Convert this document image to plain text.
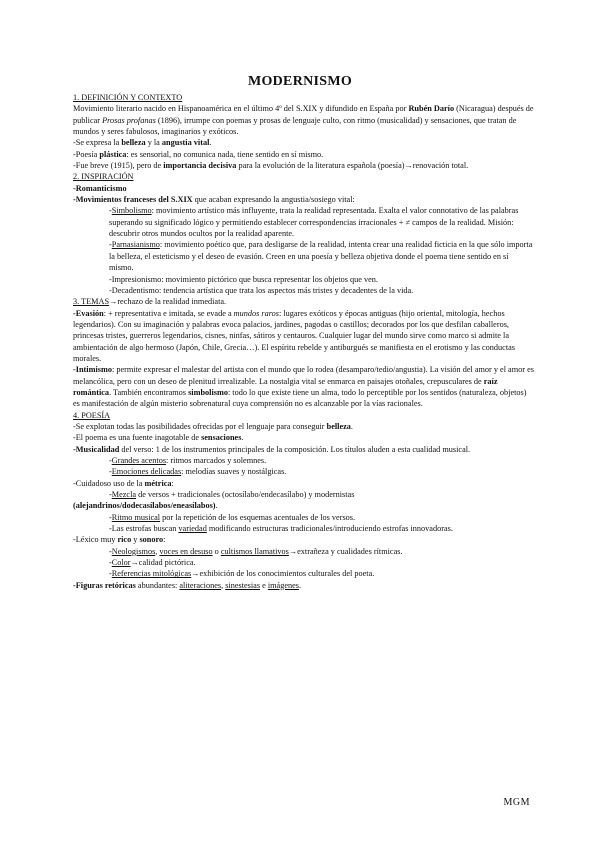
MODERNISMO

1. DEFINICIÓN Y CONTEXTO

Movimiento literario nacido en Hispanoamérica en el último 4º del S.XIX y difundido en España por Rubén Darío (Nicaragua) después de publicar Prosas profanas (1896), irrumpe con poemas y prosas de lenguaje culto, con ritmo (musicalidad) y sensaciones, que tratan de mundos y seres fabulosos, imaginarios y exóticos.

-Se expresa la belleza y la angustia vital.

-Poesía plástica: es sensorial, no comunica nada, tiene sentido en sí mismo.

-Fue breve (1915), pero de importancia decisiva para la evolución de la literatura española (poesía)→renovación total.

2. INSPIRACIÓN

-Romanticismo

-Movimientos franceses del S.XIX que acaban expresando la angustia/sosiego vital:

-Simbolismo: movimiento artístico más influyente, trata la realidad representada. Exalta el valor connotativo de las palabras superando su significado lógico y permitiendo establecer correspondencias irracionales + ≠ campos de la realidad. Misión: descubrir otros mundos ocultos por la realidad aparente.

-Parnasianismo: movimiento poético que, para desligarse de la realidad, intenta crear una realidad ficticia en la que sólo importa la belleza, el esteticismo y el deseo de evasión. Creen en una poesía y belleza objetiva donde el poema tiene sentido en sí mismo.

-Impresionismo: movimiento pictórico que busca representar los objetos que ven.

-Decadentismo: tendencia artística que trata los aspectos más tristes y decadentes de la vida.

3. TEMAS→rechazo de la realidad inmediata.

-Evasión: + representativa e imitada, se evade a mundos raros: lugares exóticos y épocas antiguas (hijo oriental, mitología, hechos legendarios). Con su imaginación y palabras evoca palacios, jardines, pagodas o castillos; decorados por los que desfilan caballeros, princesas tristes, guerreros legendarios, cisnes, ninfas, sátiros y centauros. Cualquier lugar del mundo sirve como marco si admite la ambientación de algo hermoso (Japón, Chile, Grecia…). El espíritu rebelde y antiburgués se manifiesta en el erotismo y las conductas morales.

-Intimismo: permite expresar el malestar del artista con el mundo que lo rodea (desamparo/tedio/angustia). La visión del amor y el amor es melancólica, pero con un deseo de plenitud irrealizable. La nostalgia vital se enmarca en paisajes otoñales, crepusculares de raíz romántica. También encontramos simbolismo: todo lo que existe tiene un alma, todo lo perceptible por los sentidos (naturaleza, objetos) es manifestación de algún misterio sobrenatural cuya comprensión no es alcanzable por la vías racionales.

4. POESÍA

-Se explotan todas las posibilidades ofrecidas por el lenguaje para conseguir belleza.

-El poema es una fuente inagotable de sensaciones.

-Musicalidad del verso: 1 de los instrumentos principales de la composición. Los títulos aluden a esta cualidad musical.

-Grandes acentos: ritmos marcados y solemnes.

-Emociones delicadas: melodías suaves y nostálgicas.

-Cuidadoso uso de la métrica:

-Mezcla de versos + tradicionales (octosílabo/endecasílabo) y modernistas

(alejandrinos/dodecasílabos/eneasílabos).

-Ritmo musical por la repetición de los esquemas acentuales de los versos.

-Las estrofas buscan variedad modificando estructuras tradicionales/introduciendo estrofas innovadoras.

-Léxico muy rico y sonoro:

-Neologismos, voces en desuso o cultismos llamativos→extrañeza y cualidades rítmicas.

-Color→calidad pictórica.

-Referencias mitológicas→exhibición de los conocimientos culturales del poeta.

-Figuras retóricas abundantes: aliteraciones, sinestesias e imágenes.

MGM
